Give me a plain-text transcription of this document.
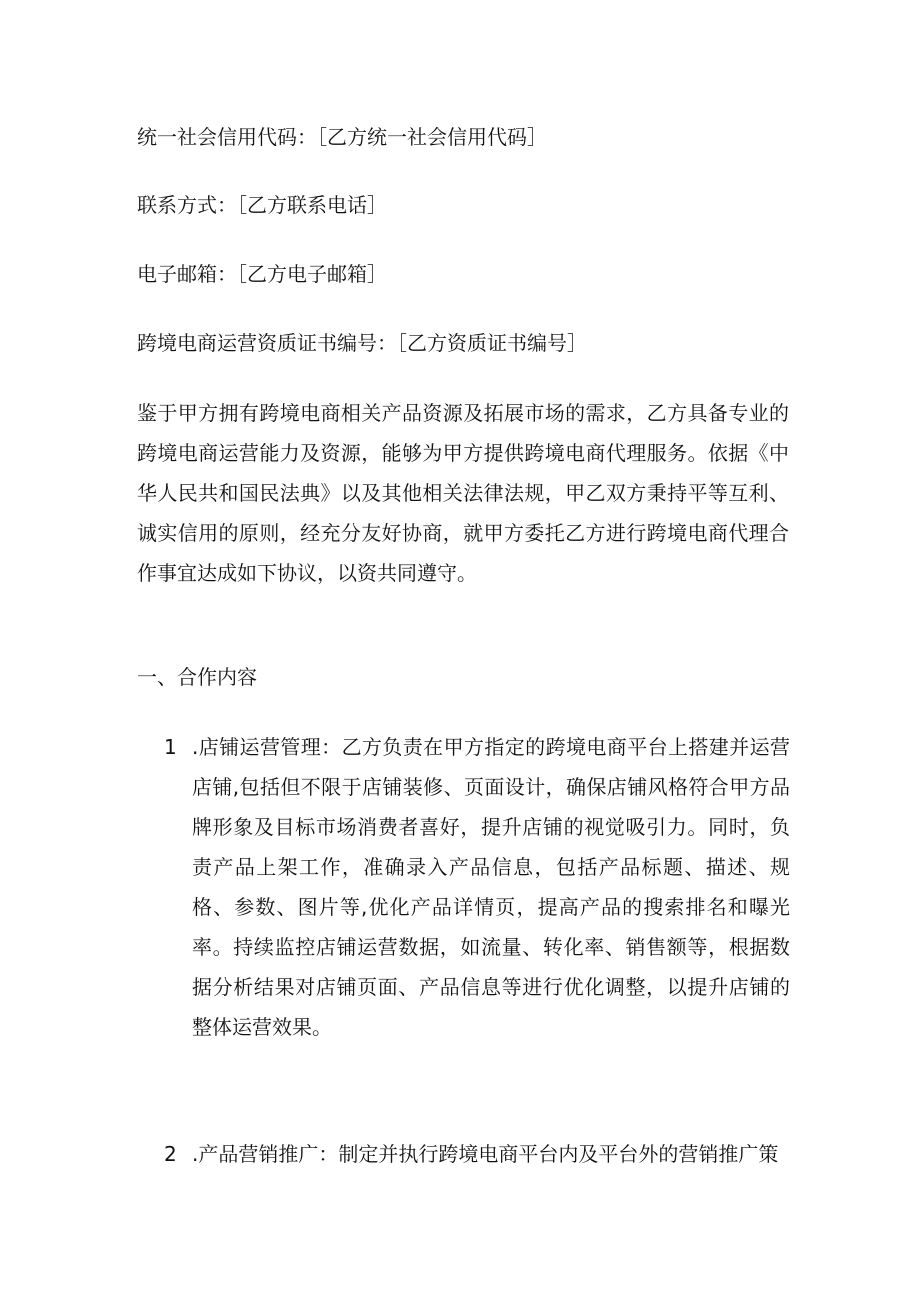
统一社会信用代码：［乙方统一社会信用代码］
联系方式：［乙方联系电话］
电子邮箱：［乙方电子邮箱］
跨境电商运营资质证书编号：［乙方资质证书编号］
鉴于甲方拥有跨境电商相关产品资源及拓展市场的需求，乙方具备专业的跨境电商运营能力及资源，能够为甲方提供跨境电商代理服务。依据《中华人民共和国民法典》以及其他相关法律法规，甲乙双方秉持平等互利、诚实信用的原则，经充分友好协商，就甲方委托乙方进行跨境电商代理合作事宜达成如下协议，以资共同遵守。
一、合作内容
1 .店铺运营管理：乙方负责在甲方指定的跨境电商平台上搭建并运营店铺,包括但不限于店铺装修、页面设计，确保店铺风格符合甲方品牌形象及目标市场消费者喜好，提升店铺的视觉吸引力。同时，负责产品上架工作，准确录入产品信息，包括产品标题、描述、规格、参数、图片等,优化产品详情页，提高产品的搜索排名和曝光率。持续监控店铺运营数据，如流量、转化率、销售额等，根据数据分析结果对店铺页面、产品信息等进行优化调整，以提升店铺的整体运营效果。
2 .产品营销推广：制定并执行跨境电商平台内及平台外的营销推广策
